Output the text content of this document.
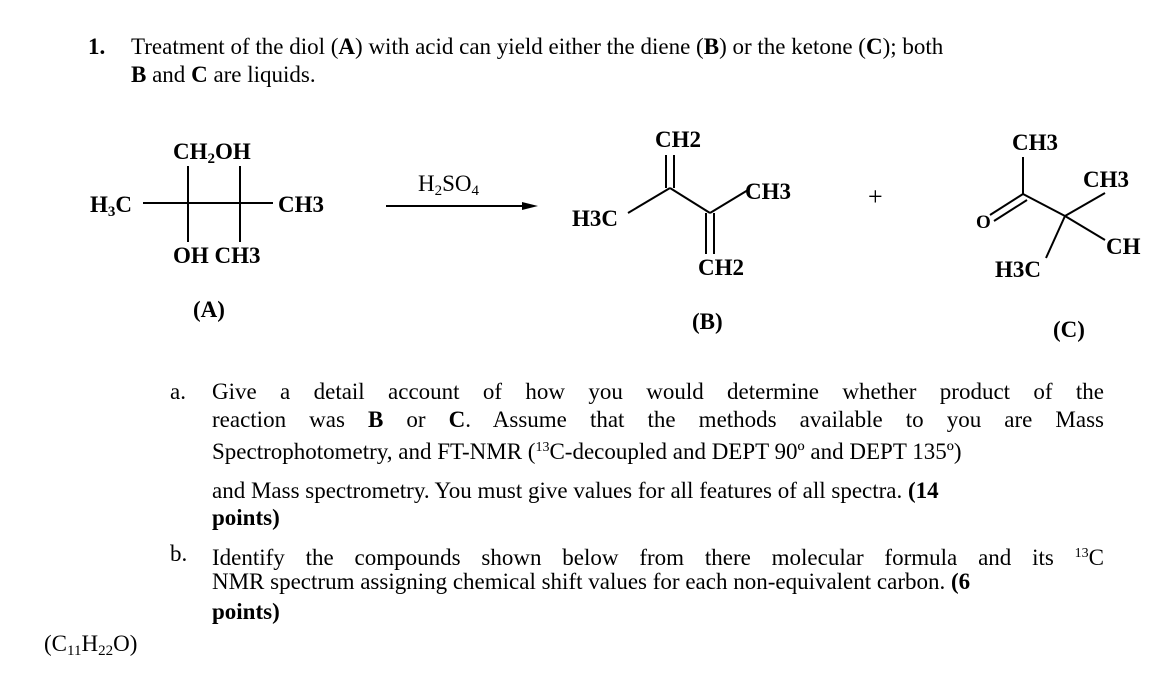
1. Treatment of the diol (A) with acid can yield either the diene (B) or the ketone (C); both
B and C are liquids.
$CH_2OH$
$H_3C$	CH3
OH CH3
(A)
$H_2SO_4$
CH2
H3C
CH3
CH2
(B)
+
CH3
CH3
O
CH
H3C
(C)
a. Give a detail account of how you would determine whether product of the
reaction was B or C. Assume that the methods available to you are Mass
Spectrophotometry, and FT-NMR ($^{13}$C-decoupled and DEPT 90º and DEPT 135º)
and Mass spectrometry. You must give values for all features of all spectra. (14
points)
b. Identify the compounds shown below from there molecular formula and its $^{13}$C
NMR spectrum assigning chemical shift values for each non-equivalent carbon. (6
points)
$(C_{11}H_{22}O)$
